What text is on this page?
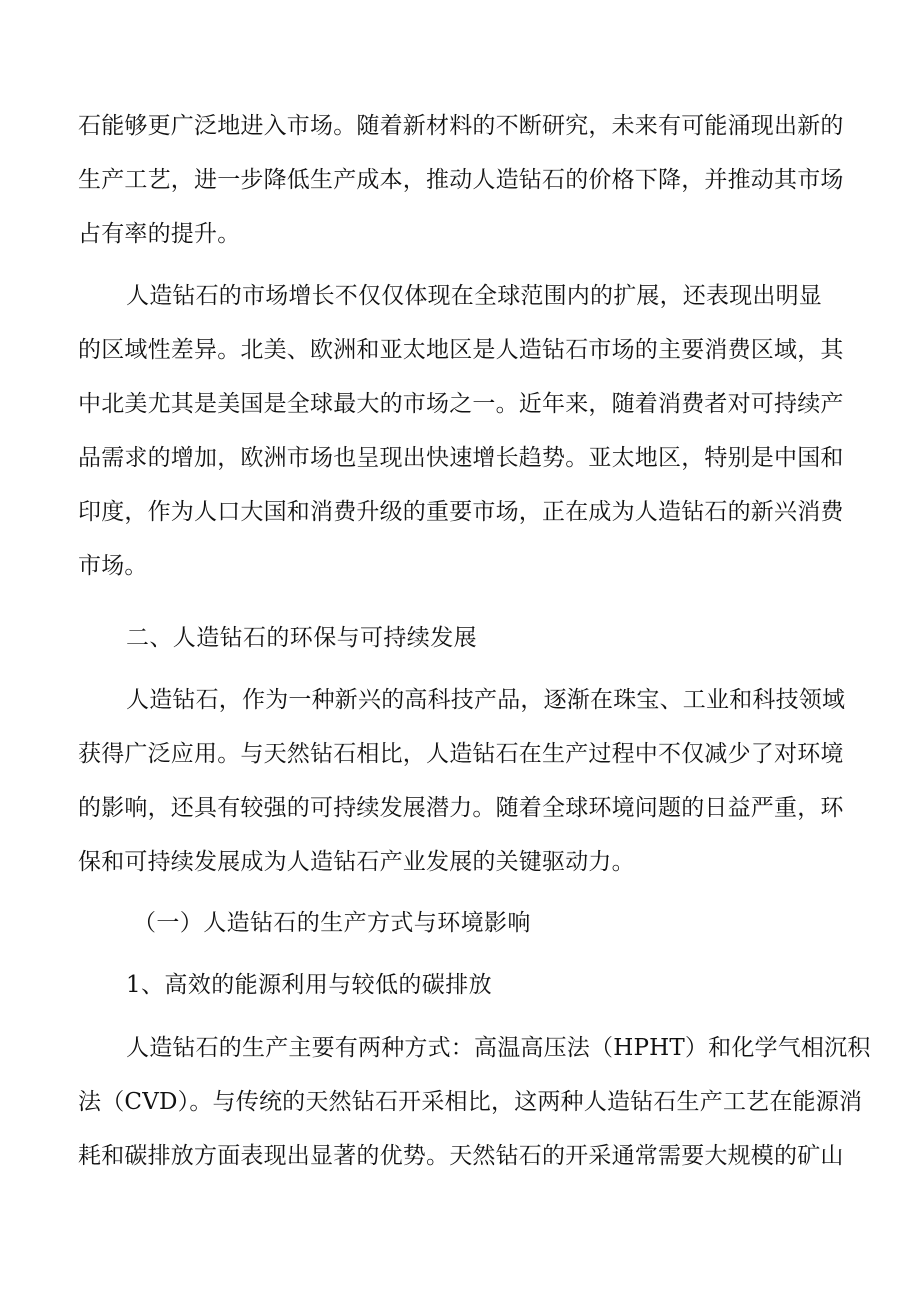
石能够更广泛地进入市场。随着新材料的不断研究，未来有可能涌现出新的
生产工艺，进一步降低生产成本，推动人造钻石的价格下降，并推动其市场
占有率的提升。
人造钻石的市场增长不仅仅体现在全球范围内的扩展，还表现出明显
的区域性差异。北美、欧洲和亚太地区是人造钻石市场的主要消费区域，其
中北美尤其是美国是全球最大的市场之一。近年来，随着消费者对可持续产
品需求的增加，欧洲市场也呈现出快速增长趋势。亚太地区，特别是中国和
印度，作为人口大国和消费升级的重要市场，正在成为人造钻石的新兴消费
市场。
二、人造钻石的环保与可持续发展
人造钻石，作为一种新兴的高科技产品，逐渐在珠宝、工业和科技领域
获得广泛应用。与天然钻石相比，人造钻石在生产过程中不仅减少了对环境
的影响，还具有较强的可持续发展潜力。随着全球环境问题的日益严重，环
保和可持续发展成为人造钻石产业发展的关键驱动力。
（一）人造钻石的生产方式与环境影响
1、高效的能源利用与较低的碳排放
人造钻石的生产主要有两种方式：高温高压法（HPHT）和化学气相沉积
法（CVD）。与传统的天然钻石开采相比，这两种人造钻石生产工艺在能源消
耗和碳排放方面表现出显著的优势。天然钻石的开采通常需要大规模的矿山
